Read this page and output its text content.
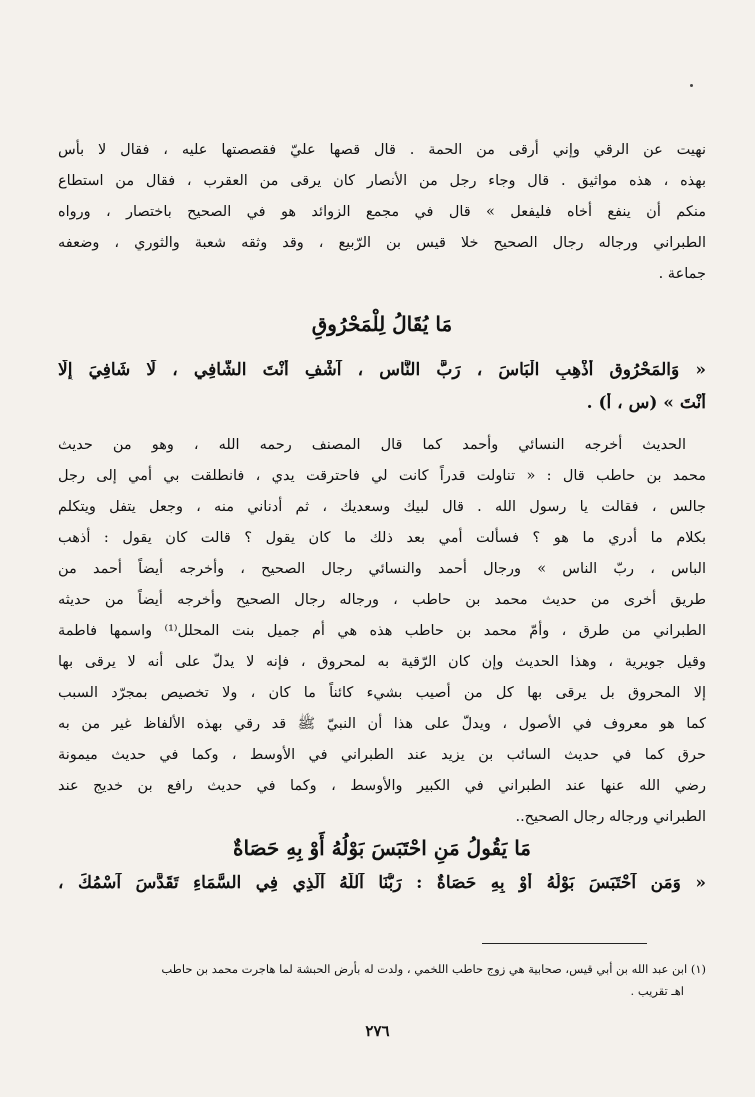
نهيت عن الرقي وإني أرقى من الحمة . قال قصها عليّ فقصصتها عليه ، فقال لا بأس
بهذه ، هذه مواثيق . قال وجاء رجل من الأنصار كان يرقى من العقرب ، فقال من استطاع
منكم أن ينفع أخاه فليفعل » قال في مجمع الزوائد هو في الصحيح باختصار ، ورواه
الطبراني ورجاله رجال الصحيح خلا قيس بن الرّبيع ، وقد وثقه شعبة والثوري ، وضعفه
جماعة .
مَا يُقَالُ لِلْمَحْرُوقِ
« وَالمَحْرُوق أَذْهِبِ الْبَاسَ ، رَبَّ النَّاسِ ، آشْفِ أَنْتَ الشَّافِي ، لَا شَافِيَ إِلَّا
أَنْتَ » (س ، أ) .
الحديث أخرجه النسائي وأحمد كما قال المصنف رحمه الله ، وهو من حديث
محمد بن حاطب قال : « تناولت قدراً كانت لي فاحترقت يدي ، فانطلقت بي أمي إلى رجل
جالس ، فقالت يا رسول الله . قال لبيك وسعديك ، ثم أدناني منه ، وجعل يتفل ويتكلم
بكلام ما أدري ما هو ؟ فسألت أمي بعد ذلك ما كان يقول ؟ قالت كان يقول : أذهب
الباس ، ربّ الناس » ورجال أحمد والنسائي رجال الصحيح ، وأخرجه أيضاً أحمد من
طريق أخرى من حديث محمد بن حاطب ، ورجاله رجال الصحيح وأخرجه أيضاً من حديثه
الطبراني من طرق ، وأمّ محمد بن حاطب هذه هي أم جميل بنت المحلل⁽¹⁾ واسمها فاطمة
وقيل جويرية ، وهذا الحديث وإن كان الرّقية به لمحروق ، فإنه لا يدلّ على أنه لا يرقى بها
إلا المحروق بل يرقى بها كل من أصيب بشيء كائناً ما كان ، ولا تخصيص بمجرّد السبب
كما هو معروف في الأصول ، ويدلّ على هذا أن النبيّ ﷺ قد رقي بهذه الألفاظ غير من به
حرق كما في حديث السائب بن يزيد عند الطبراني في الأوسط ، وكما في حديث ميمونة
رضي الله عنها عند الطبراني في الكبير والأوسط ، وكما في حديث رافع بن خديج عند
الطبراني ورجاله رجال الصحيح..
مَا يَقُولُ مَنِ احْتَبَسَ بَوْلُهُ أَوْ بِهِ حَصَاةٌ
« وَمَنِ آحْتَبَسَ بَوْلُهُ أَوْ بِهِ حَصَاةٌ : رَبُّنَا آللَّهُ آلَّذِي فِي السَّمَاءِ تَقَدَّسَ آسْمُكَ ،
(١) ابن عبد الله بن أبي قيس، صحابية هي زوج حاطب اللخمي ، ولدت له بأرض الحبشة لما هاجرت محمد بن حاطب
اهـ تقريب .
٢٧٦
